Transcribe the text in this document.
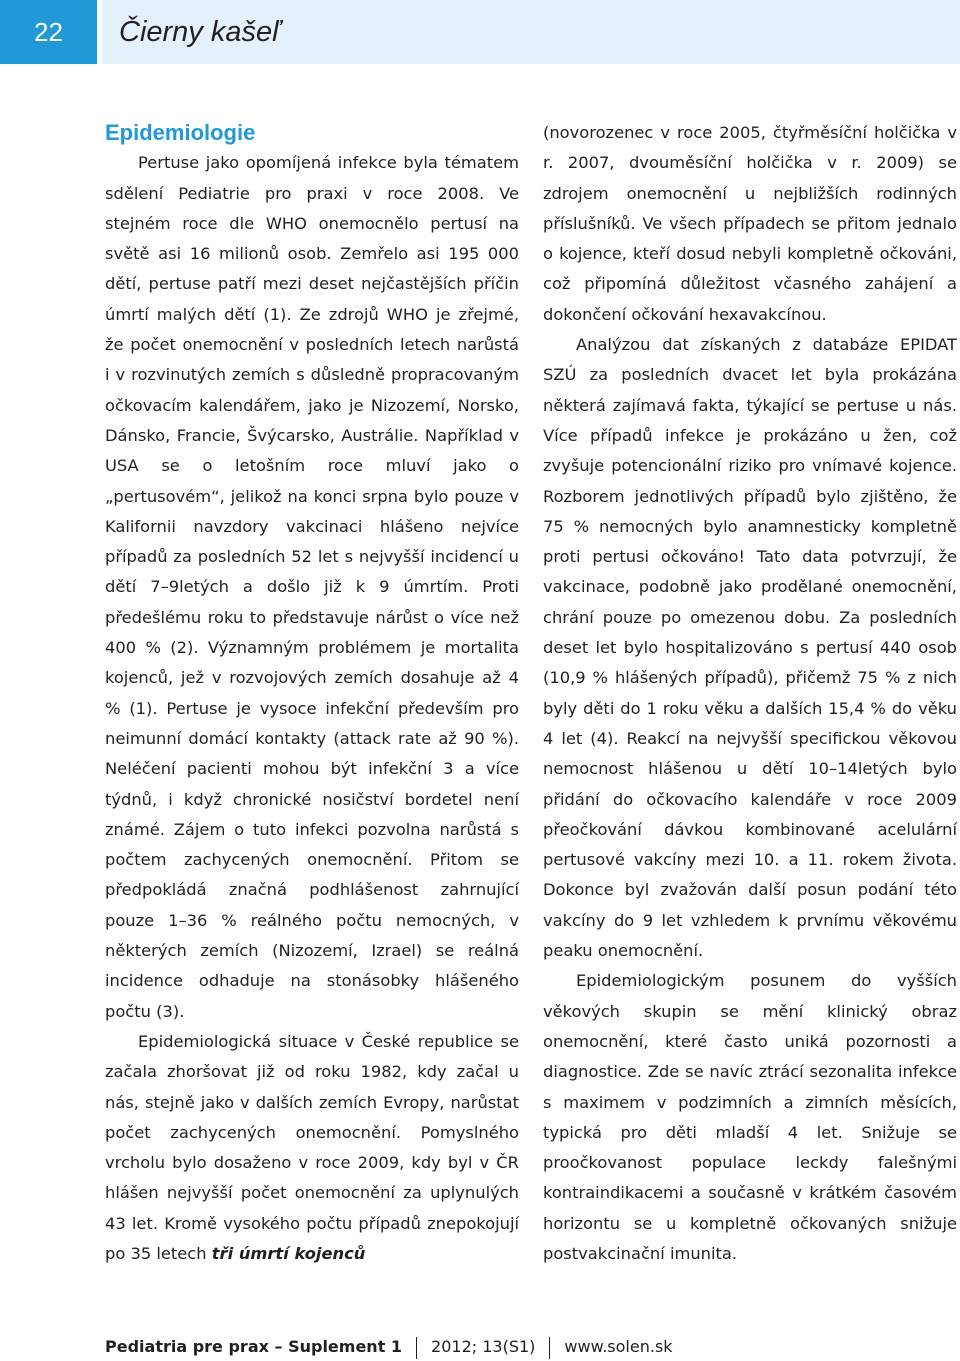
22	Čierny kašeľ
Epidemiologie

Pertuse jako opomíjená infekce byla tématem sdělení Pediatrie pro praxi v roce 2008. Ve stejném roce dle WHO onemocnělo pertusí na světě asi 16 milionů osob. Zemřelo asi 195 000 dětí, pertuse patří mezi deset nejčastějších příčin úmrtí malých dětí (1). Ze zdrojů WHO je zřejmé, že počet onemocnění v posledních letech narůstá i v rozvinutých zemích s důsledně propracovaným očkovacím kalendářem, jako je Nizozemí, Norsko, Dánsko, Francie, Švýcarsko, Austrálie. Například v USA se o letošním roce mluví jako o „pertusovém“, jelikož na konci srpna bylo pouze v Kalifornii navzdory vakcinaci hlášeno nejvíce případů za posledních 52 let s nejvyšší incidencí u dětí 7–9letých a došlo již k 9 úmrtím. Proti předešlému roku to představuje nárůst o více než 400 % (2). Významným problémem je mortalita kojenců, jež v rozvojových zemích dosahuje až 4 % (1). Pertuse je vysoce infekční především pro neimunní domácí kontakty (attack rate až 90 %). Neléčení pacienti mohou být infekční 3 a více týdnů, i když chronické nosičství bordetel není známé. Zájem o tuto infekci pozvolna narůstá s počtem zachycených onemocnění. Přitom se předpokládá značná podhlášenost zahrnující pouze 1–36 % reálného počtu nemocných, v některých zemích (Nizozemí, Izrael) se reálná incidence odhaduje na stonásobky hlášeného počtu (3).

Epidemiologická situace v České republice se začala zhoršovat již od roku 1982, kdy začal u nás, stejně jako v dalších zemích Evropy, narůstat počet zachycených onemocnění. Pomyslného vrcholu bylo dosaženo v roce 2009, kdy byl v ČR hlášen nejvyšší počet onemocnění za uplynulých 43 let. Kromě vysokého počtu případů znepokojují po 35 letech tři úmrtí kojenců

(novorozenec v roce 2005, čtyřměsíční holčička v r. 2007, dvouměsíční holčička v r. 2009) se zdrojem onemocnění u nejbližších rodinných příslušníků. Ve všech případech se přitom jednalo o kojence, kteří dosud nebyli kompletně očkováni, což připomíná důležitost včasného zahájení a dokončení očkování hexavakcínou.

Analýzou dat získaných z databáze EPIDAT SZÚ za posledních dvacet let byla prokázána některá zajímavá fakta, týkající se pertuse u nás. Více případů infekce je prokázáno u žen, což zvyšuje potencionální riziko pro vnímavé kojence. Rozborem jednotlivých případů bylo zjištěno, že 75 % nemocných bylo anamnesticky kompletně proti pertusi očkováno! Tato data potvrzují, že vakcinace, podobně jako prodělané onemocnění, chrání pouze po omezenou dobu. Za posledních deset let bylo hospitalizováno s pertusí 440 osob (10,9 % hlášených případů), přičemž 75 % z nich byly děti do 1 roku věku a dalších 15,4 % do věku 4 let (4). Reakcí na nejvyšší specifickou věkovou nemocnost hlášenou u dětí 10–14letých bylo přidání do očkovacího kalendáře v roce 2009 přeočkování dávkou kombinované acelulární pertusové vakcíny mezi 10. a 11. rokem života. Dokonce byl zvažován další posun podání této vakcíny do 9 let vzhledem k prvnímu věkovému peaku onemocnění.

Epidemiologickým posunem do vyšších věkových skupin se mění klinický obraz onemocnění, které často uniká pozornosti a diagnostice. Zde se navíc ztrácí sezonalita infekce s maximem v podzimních a zimních měsících, typická pro děti mladší 4 let. Snižuje se proočkovanost populace leckdy falešnými kontraindikacemi a současně v krátkém časovém horizontu se u kompletně očkovaných snižuje postvakcinační imunita.

Pediatria pre prax – Suplement 1 2012; 13(S1) www.solen.sk
